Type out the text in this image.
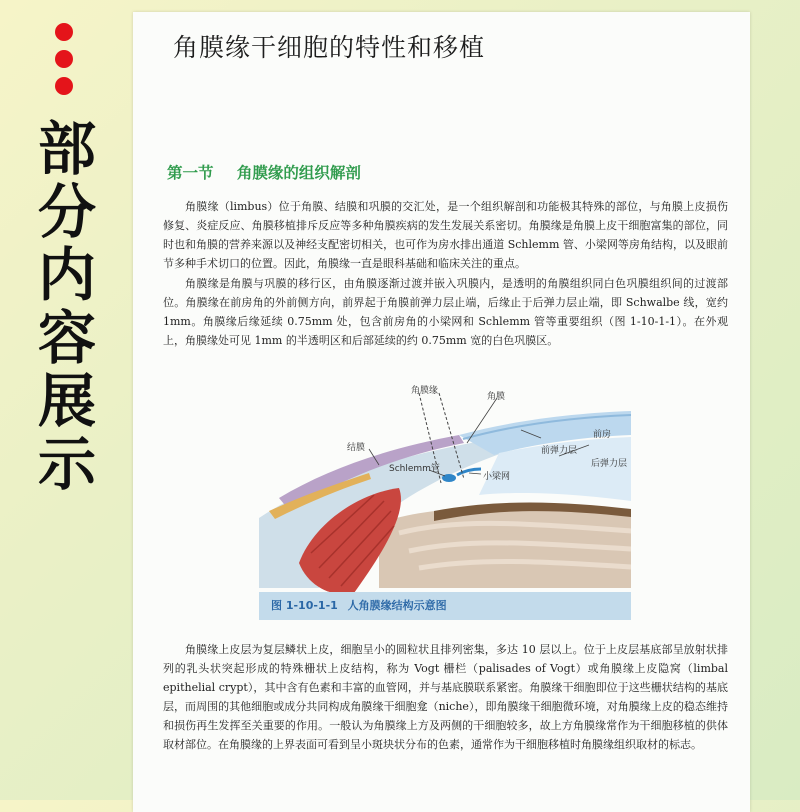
部
分
内
容
展
示
角膜缘干细胞的特性和移植
第一节 角膜缘的组织解剖

角膜缘（limbus）位于角膜、结膜和巩膜的交汇处，是一个组织解剖和功能极其特殊的部位，与角膜上皮损伤修复、炎症反应、角膜移植排斥反应等多种角膜疾病的发生发展关系密切。角膜缘是角膜上皮干细胞富集的部位，同时也和角膜的营养来源以及神经支配密切相关，也可作为房水排出通道 Schlemm 管、小梁网等房角结构，以及眼前节多种手术切口的位置。因此，角膜缘一直是眼科基础和临床关注的重点。

角膜缘是角膜与巩膜的移行区，由角膜逐渐过渡并嵌入巩膜内，是透明的角膜组织同白色巩膜组织间的过渡部位。角膜缘在前房角的外前侧方向，前界起于角膜前弹力层止端，后缘止于后弹力层止端，即 Schwalbe 线，宽约 1mm。角膜缘后缘延续 0.75mm 处，包含前房角的小梁网和 Schlemm 管等重要组织（图 1-10-1-1）。在外观上，角膜缘处可见 1mm 的半透明区和后部延续的约 0.75mm 宽的白色巩膜区。

角膜缘
角膜
结膜
前房
前弹力层
后弹力层
Schlemm管
小梁网
图 1-10-1-1 人角膜缘结构示意图

角膜缘上皮层为复层鳞状上皮，细胞呈小的圆粒状且排列密集，多达 10 层以上。位于上皮层基底部呈放射状排列的乳头状突起形成的特殊栅状上皮结构，称为 Vogt 栅栏（palisades of Vogt）或角膜缘上皮隐窝（limbal epithelial crypt），其中含有色素和丰富的血管网，并与基底膜联系紧密。角膜缘干细胞即位于这些栅状结构的基底层，而周围的其他细胞或成分共同构成角膜缘干细胞龛（niche），即角膜缘干细胞微环境，对角膜缘上皮的稳态维持和损伤再生发挥至关重要的作用。一般认为角膜缘上方及两侧的干细胞较多，故上方角膜缘常作为干细胞移植的供体取材部位。在角膜缘的上界表面可看到呈小斑块状分布的色素，通常作为干细胞移植时角膜缘组织取材的标志。
